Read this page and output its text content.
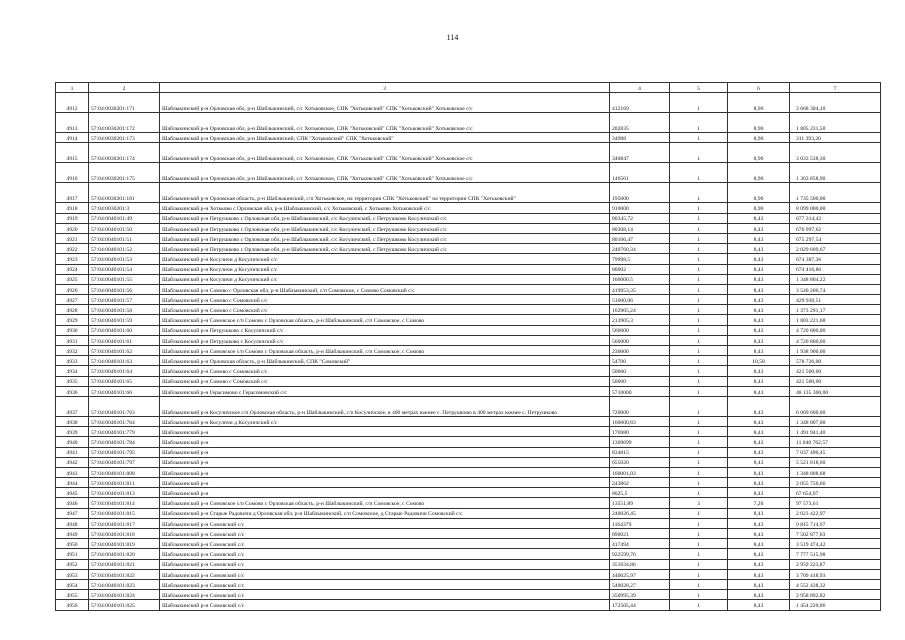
114
1	2	3	4	5	6	7
4912	57:04:0030201:171	Шаблыкинский р-н Орловская обл, р-н Шаблыкинский, с/с Хотьковское, СПК "Хотьковский" СПК "Хотьковский" Хотьковское с/с	412169	1	8,90	3 668 304,10
4913	57:04:0030201:172	Шаблыкинский р-н Орловская обл, р-н Шаблыкинский, с/с Хотьковское, СПК "Хотьковский" СПК "Хотьковский" Хотьковское с/с	202835	1	8,90	1 805 231,50
4914	57:04:0030201:173	Шаблыкинский р-н Орловская обл, р-н Шаблыкинский, СПК "Хотьковский" СПК "Хотьковский"	34988	1	8,90	311 393,20
4915	57:04:0030201:174	Шаблыкинский р-н Орловская обл, р-н Шаблыкинский, с/с Хотьковское, СПК "Хотьковский" СПК "Хотьковский" Хотьковское с/с	340847	1	8,90	3 033 538,30
4916	57:04:0030201:175	Шаблыкинский р-н Орловская обл, р-н Шаблыкинский, с/с Хотьковское, СПК "Хотьковский" СПК "Хотьковский" Хотьковское с/с	146501	1	8,90	1 303 858,90
4917	57:04:0030201:181	Шаблыкинский р-н Орловская область, р-н Шаблыкинский, с/п Хотьковское, на территории СПК "Хотьковский" на территории СПК "Хотьковский"	195000	1	8,90	1 735 500,00
4918	57:04:0030201:3	Шаблыкинский р-н Хотьково с Орловская обл, р-н Шаблыкинский, с/с Хотьковский, с Хотьково Хотьковский с/с	910000	1	8,90	8 099 000,00
4919	57:04:0040101:49	Шаблыкинский р-н Петрушково с Орловская обл, р-н Шаблыкинский, с/с Косуличский, с Петрушково Косуличский с/с	80345,72	1	8,43	677 314,42
4920	57:04:0040101:50	Шаблыкинский р-н Петрушково с Орловская обл, р-н Шаблыкинский, с/с Косуличский, с Петрушково Косуличский с/с	80308,14	1	8,43	676 997,62
4921	57:04:0040101:51	Шаблыкинский р-н Петрушково с Орловская обл, р-н Шаблыкинский, с/с Косуличский, с Петрушково Косуличский с/с	80106,47	1	8,43	675 297,54
4922	57:04:0040101:52	Шаблыкинский р-н Петрушково с Орловская обл, р-н Шаблыкинский, с/с Косуличский, с Петрушково Косуличский с/с	240760,34	1	8,43	2 029 609,67
4923	57:04:0040101:53	Шаблыкинский р-н Косуличи д Косуличский с/с	79998,5	1	8,43	674 387,36
4924	57:04:0040101:54	Шаблыкинский р-н Косуличи д Косуличский с/с	80002	1	8,43	674 416,86
4925	57:04:0040101:55	Шаблыкинский р-н Косуличи д Косуличский с/с	160000,5	1	8,43	1 348 804,22
4926	57:04:0040101:56	Шаблыкинский р-н Сомово с Орловская обл, р-н Шаблыкинский, с/п Сомовское, с Сомово Сомовский с/с	419953,35	1	8,43	3 540 206,74
4927	57:04:0040101:57	Шаблыкинский р-н Сомово с Сомовский с/с	51000,06	1	8,43	429 930,51
4928	57:04:0040101:58	Шаблыкинский р-н Сомово с Сомовский с/с	162905,24	1	8,43	1 373 291,17
4929	57:04:0040101:59	Шаблыкинский р-н Сомовское с/п Сомово с Орловская область, р-н Шаблыкинский, с/п Сомовское, с Сомово	213905,3	1	8,43	1 803 221,68
4930	57:04:0040101:60	Шаблыкинский р-н Петрушково с Косуличский с/с	560000	1	8,43	4 720 800,00
4931	57:04:0040101:61	Шаблыкинский р-н Петрушково с Косуличский с/с	560000	1	8,43	4 720 800,00
4932	57:04:0040101:62	Шаблыкинский р-н Сомовское с/п Сомово с Орловская область, р-н Шаблыкинский, с/п Сомовское, с Сомово	230000	1	8,43	1 938 900,00
4933	57:04:0040101:63	Шаблыкинский р-н Орловская область, р-н Шаблыкинский, СПК "Сомовский"	54700	1	10,58	578 726,00
4934	57:04:0040101:64	Шаблыкинский р-н Сомово с Сомовский с/с	50000	1	8,43	421 500,00
4935	57:04:0040101:65	Шаблыкинский р-н Сомово с Сомовский с/с	50000	1	8,43	421 500,00
4936	57:04:0040101:66	Шаблыкинский р-н Герасимово с Герасимовский с/с	5710000	1	8,43	48 135 300,00
4937	57:04:0040101:763	Шаблыкинский р-н Косуличское с/п Орловская область, р-н Шаблыкинский, с/п Косуличское, в 400 метрах южнее с. Петрушково в 400 метрах южнее с. Петрушково	720000	1	8,43	6 069 600,00
4938	57:04:0040101:764	Шаблыкинский р-н Косуличи д Косуличский с/с	160000,83	1	8,43	1 348 807,00
4939	57:04:0040101:779	Шаблыкинский р-н	176980	1	8,43	1 491 941,40
4940	57:04:0040101:784	Шаблыкинский р-н	1309699	1	8,43	11 040 762,57
4941	57:04:0040101:795	Шаблыкинский р-н	834815	1	8,43	7 037 490,45
4942	57:04:0040101:797	Шаблыкинский р-н	655020	1	8,43	5 521 818,60
4943	57:04:0040101:808	Шаблыкинский р-н	160001,03	1	8,43	1 348 808,68
4944	57:04:0040101:811	Шаблыкинский р-н	243862	1	8,43	2 055 756,66
4945	57:04:0040101:813	Шаблыкинский р-н	8025,5	1	8,43	67 654,97
4946	57:04:0040101:814	Шаблыкинский р-н Сомовское с/п Сомово с Орловская область, р-н Шаблыкинский, с/п Сомовское, с Сомово	13551,89	3	7,20	97 573,61
4947	57:04:0040101:815	Шаблыкинский р-н Старые Радовичи д Орловская обл, р-н Шаблыкинский, с/п Сомовское, д Старые Радовичи Сомовский с/с	240026,45	1	8,43	2 023 422,97
4948	57:04:0040101:817	Шаблыкинский р-н Сомовский с/с	1164379	1	8,43	9 815 714,97
4949	57:04:0040101:818	Шаблыкинский р-н Сомовский с/с	890021	1	8,43	7 502 877,03
4950	57:04:0040101:819	Шаблыкинский р-н Сомовский с/с	417494	1	8,43	3 519 474,42
4951	57:04:0040101:820	Шаблыкинский р-н Сомовский с/с	922599,76	1	8,43	7 777 515,98
4952	57:04:0040101:821	Шаблыкинский р-н Сомовский с/с	351034,86	1	8,43	2 959 223,87
4953	57:04:0040101:822	Шаблыкинский р-н Сомовский с/с	440025,97	1	8,43	3 709 418,93
4954	57:04:0040101:823	Шаблыкинский р-н Сомовский с/с	540028,27	1	8,43	4 552 438,32
4955	57:04:0040101:824	Шаблыкинский р-н Сомовский с/с	350995,39	1	8,43	2 958 892,82
4956	57:04:0040101:825	Шаблыкинский р-н Сомовский с/с	172505,44	1	8,43	1 454 220,86
